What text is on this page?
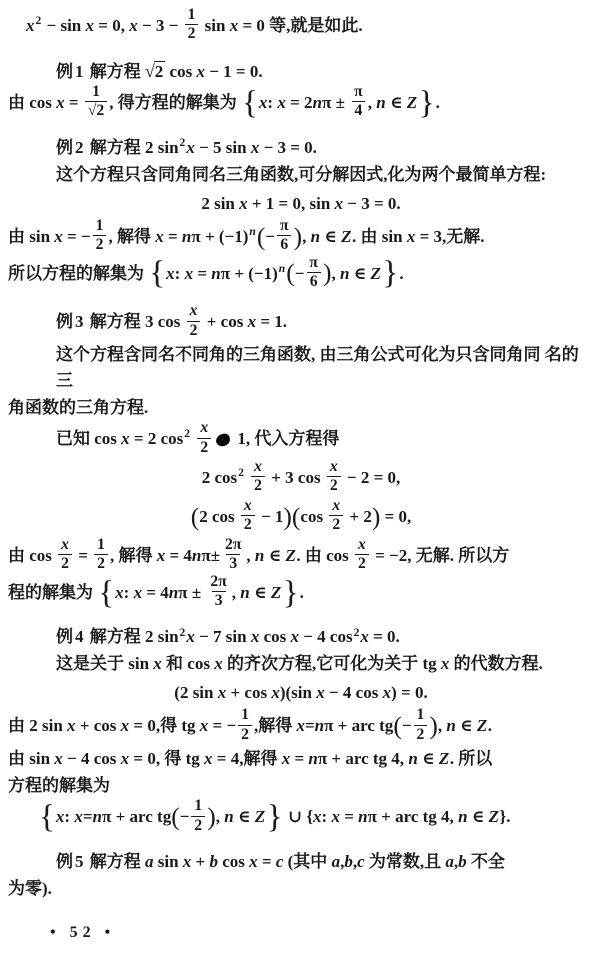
$x^2 - \sin x = 0$, $x - 3 - \frac{1}{2}$ sin x = 0 等,就是如此.
例1 解方程 √2 cos x − 1 = 0.
由 $\cos x = \frac{1}{√2}$ , 得方程的解集为 {x: $x = 2n\pi \pm \frac{\pi}{4}$ , n ∈ Z}.
例2 解方程 2 $\sin^2x - 5$ sin x − 3 = 0.
这个方程只含同角同名三角函数,可分解因式,化为两个最简单方程:
2 sin x + 1 = 0, sin x − 3 = 0.
由 sin x = − $\frac{1}{2}$ , 解得 $x = n\pi + (-1)^n(- \frac{\pi}{6}$ ), n ∈ Z. 由 sin x = 3,无解.
所以方程的解集为 {x: $x = n\pi + (-1)^n(- \frac{\pi}{6}$ ), n ∈ Z}.
例3 解方程 3 $\cos \frac{x}{2} + \cos x = 1$.
这个方程含同名不同角的三角函数, 由三角公式可化为只含同角同 名的三
角函数的三角方程.
已知 cos x = 2 $\cos^2 \frac{x}{2} 1$, 代入方程得
2 $\cos^2 \frac{x}{2} + 3$ $\cos \frac{x}{2} - 2 = 0$,
(2 $\cos \frac{x}{2} - 1)(\cos \frac{x}{2} + 2) = 0$,
由 $\cos \frac{x}{2} = \frac{1}{2}$ , 解得 $x = 4n\pi\pm \frac{2\pi}{3}$ , n ∈ Z. 由 $\cos \frac{x}{2} = -2$, 无解. 所以方
程的解集为 {x: $x = 4n\pi \pm \frac{2\pi}{3}$ , n ∈ Z}.
例4 解方程 2 $\sin^2x - 7$ sin x cos x − 4 $\cos^2x = 0$.
这是关于 sin x 和 cos x 的齐次方程,它可化为关于 tg x 的代数方程.
(2 sin x + cos x)(sin x − 4 cos x) = 0.
由 2 sin x + cos x = 0,得 tg x = − $\frac{1}{2}$ ,解得 x=nπ + arc $tg(- \frac{1}{2}$ ), n ∈ Z.
由 sin x − 4 cos x = 0, 得 tg x = 4,解得 x = nπ + arc tg 4, n ∈ Z. 所以
方程的解集为
{x: x=nπ + arc $tg(- \frac{1}{2}$ ), n ∈ Z} ∪ {x: x = nπ + arc tg 4, n ∈ Z}.
例5 解方程 a sin x + b cos x = c (其中 a,b,c 为常数,且 a,b 不全
为零).
• 52 •
